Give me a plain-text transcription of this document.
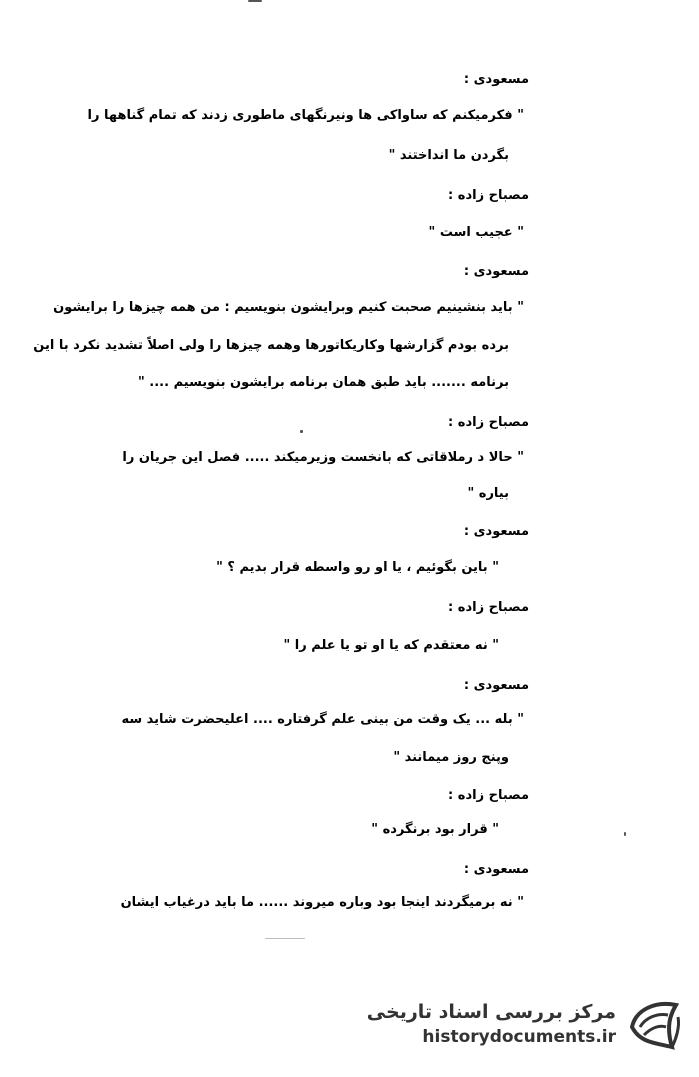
مسعودی :
" فکرمیکنم که ساواکی ها ونیرنگهای ماطوری زدند که تمام گناهها را
بگردن ما انداختند "
مصباح زاده :
" عجیب است "
مسعودی :
" باید بنشینیم صحبت کنیم وبرایشون بنویسیم : من همه چیزها را برایشون
برده بودم گزارشها وکاریکاتورها وهمه چیزها را ولی اصلاً تشدید نکرد با این
برنامه ....... باید طبق همان برنامه برایشون بنویسیم .... "
مصباح زاده :
" حالا د رملاقاتی که بانخست وزیرمیکند ..... فصل این جریان را
بیاره "
مسعودی :
" باین بگوئیم ، یا او رو واسطه قرار بدیم ؟ "
مصباح زاده :
" نه معتقدم که یا او تو یا علم را "
مسعودی :
" بله ... یک وقت من بینی علم گرفتاره .... اعلیحضرت شاید سه
وپنج روز میمانند "
مصباح زاده :
" قرار بود برنگرده "
مسعودی :
" نه برمیگردند اینجا بود وباره میروند ...... ما باید درغیاب ایشان
مرکز بررسی اسناد تاریخی
historydocuments.ir
